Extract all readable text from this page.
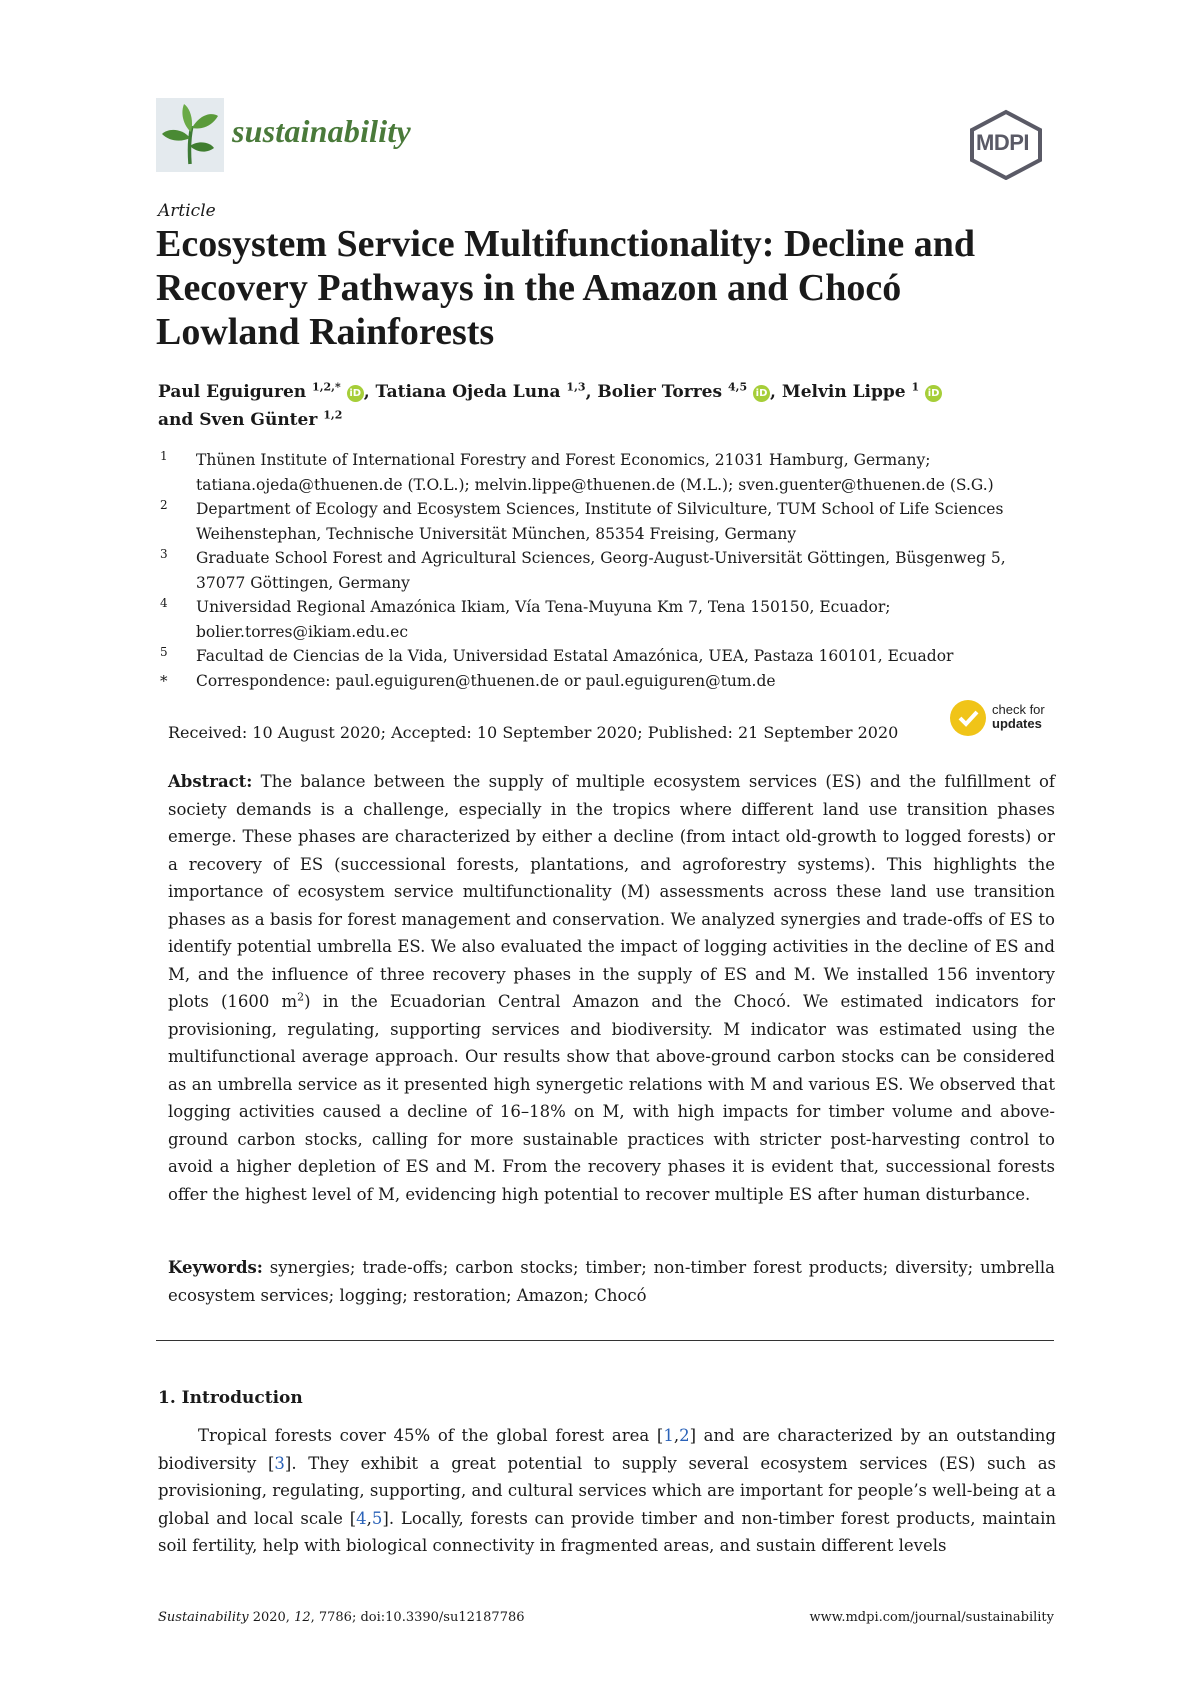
sustainability	MDPI
Article
Ecosystem Service Multifunctionality: Decline and
Recovery Pathways in the Amazon and Chocó
Lowland Rainforests
Paul Eguiguren $^{1,2,*}$ iD , Tatiana Ojeda Luna $^{1,3}$, Bolier Torres $^{4,5}$ iD , Melvin Lippe $^1$ iD
and Sven Günter $^{1,2}$
1 Thünen Institute of International Forestry and Forest Economics, 21031 Hamburg, Germany; tatiana.ojeda@thuenen.de (T.O.L.); melvin.lippe@thuenen.de (M.L.); sven.guenter@thuenen.de (S.G.)
2 Department of Ecology and Ecosystem Sciences, Institute of Silviculture, TUM School of Life Sciences Weihenstephan, Technische Universität München, 85354 Freising, Germany
3 Graduate School Forest and Agricultural Sciences, Georg-August-Universität Göttingen, Büsgenweg 5, 37077 Göttingen, Germany
4 Universidad Regional Amazónica Ikiam, Vía Tena-Muyuna Km 7, Tena 150150, Ecuador; bolier.torres@ikiam.edu.ec
5 Facultad de Ciencias de la Vida, Universidad Estatal Amazónica, UEA, Pastaza 160101, Ecuador
* Correspondence: paul.eguiguren@thuenen.de or paul.eguiguren@tum.de
Received: 10 August 2020; Accepted: 10 September 2020; Published: 21 September 2020
check for
updates

Abstract: The balance between the supply of multiple ecosystem services (ES) and the fulfillment of society demands is a challenge, especially in the tropics where different land use transition phases emerge. These phases are characterized by either a decline (from intact old-growth to logged forests) or a recovery of ES (successional forests, plantations, and agroforestry systems). This highlights the importance of ecosystem service multifunctionality (M) assessments across these land use transition phases as a basis for forest management and conservation. We analyzed synergies and trade-offs of ES to identify potential umbrella ES. We also evaluated the impact of logging activities in the decline of ES and M, and the influence of three recovery phases in the supply of ES and M. We installed 156 inventory plots (1600 $m^2$) in the Ecuadorian Central Amazon and the Chocó. We estimated indicators for provisioning, regulating, supporting services and biodiversity. M indicator was estimated using the multifunctional average approach. Our results show that above-ground carbon stocks can be considered as an umbrella service as it presented high synergetic relations with M and various ES. We observed that logging activities caused a decline of 16–18% on M, with high impacts for timber volume and above-ground carbon stocks, calling for more sustainable practices with stricter post-harvesting control to avoid a higher depletion of ES and M. From the recovery phases it is evident that, successional forests offer the highest level of M, evidencing high potential to recover multiple ES after human disturbance.

Keywords: synergies; trade-offs; carbon stocks; timber; non-timber forest products; diversity; umbrella ecosystem services; logging; restoration; Amazon; Chocó

1. Introduction

Tropical forests cover 45% of the global forest area [1,2] and are characterized by an outstanding biodiversity [3]. They exhibit a great potential to supply several ecosystem services (ES) such as provisioning, regulating, supporting, and cultural services which are important for people’s well-being at a global and local scale [4,5]. Locally, forests can provide timber and non-timber forest products, maintain soil fertility, help with biological connectivity in fragmented areas, and sustain different levels

Sustainability 2020, 12, 7786; doi:10.3390/su12187786	www.mdpi.com/journal/sustainability
